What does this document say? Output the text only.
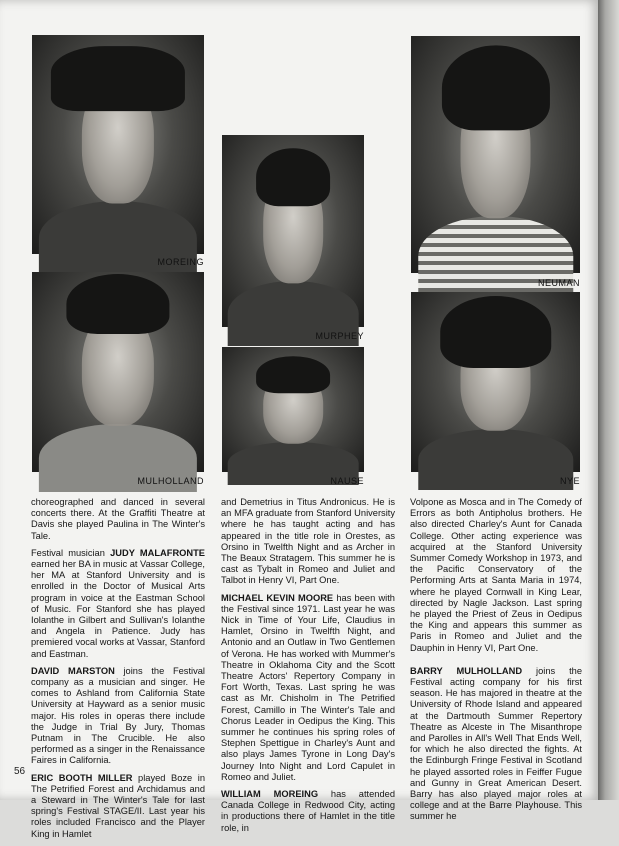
MOREING
MURPHEY
NEUMAN
MULHOLLAND	NAUSE	NYE

choreographed and danced in several concerts there. At the Graffiti Theatre at Davis she played Paulina in The Winter's Tale.

Festival musician JUDY MALAFRONTE earned her BA in music at Vassar College, her MA at Stanford University and is enrolled in the Doctor of Musical Arts program in voice at the Eastman School of Music. For Stanford she has played Iolanthe in Gilbert and Sullivan's Iolanthe and Angela in Patience. Judy has premiered vocal works at Vassar, Stanford and Eastman.

DAVID MARSTON joins the Festival company as a musician and singer. He comes to Ashland from California State University at Hayward as a senior music major. His roles in operas there include the Judge in Trial By Jury, Thomas Putnam in The Crucible. He also performed as a singer in the Renaissance Faires in California.

ERIC BOOTH MILLER played Boze in The Petrified Forest and Archidamus and a Steward in The Winter's Tale for last spring's Festival STAGE/II. Last year his roles included Francisco and the Player King in Hamlet

and Demetrius in Titus Andronicus. He is an MFA graduate from Stanford University where he has taught acting and has appeared in the title role in Orestes, as Orsino in Twelfth Night and as Archer in The Beaux Stratagem. This summer he is cast as Tybalt in Romeo and Juliet and Talbot in Henry VI, Part One.

MICHAEL KEVIN MOORE has been with the Festival since 1971. Last year he was Nick in Time of Your Life, Claudius in Hamlet, Orsino in Twelfth Night, and Antonio and an Outlaw in Two Gentlemen of Verona. He has worked with Mummer's Theatre in Oklahoma City and the Scott Theatre Actors' Repertory Company in Fort Worth, Texas. Last spring he was cast as Mr. Chisholm in The Petrified Forest, Camillo in The Winter's Tale and Chorus Leader in Oedipus the King. This summer he continues his spring roles of Stephen Spettigue in Charley's Aunt and also plays James Tyrone in Long Day's Journey Into Night and Lord Capulet in Romeo and Juliet.

WILLIAM MOREING has attended Canada College in Redwood City, acting in productions there of Hamlet in the title role, in

Volpone as Mosca and in The Comedy of Errors as both Antipholus brothers. He also directed Charley's Aunt for Canada College. Other acting experience was acquired at the Stanford University Summer Comedy Workshop in 1973, and the Pacific Conservatory of the Performing Arts at Santa Maria in 1974, where he played Cornwall in King Lear, directed by Nagle Jackson. Last spring he played the Priest of Zeus in Oedipus the King and appears this summer as Paris in Romeo and Juliet and the Dauphin in Henry VI, Part One.

BARRY MULHOLLAND joins the Festival acting company for his first season. He has majored in theatre at the University of Rhode Island and appeared at the Dartmouth Summer Repertory Theatre as Alceste in The Misanthrope and Parolles in All's Well That Ends Well, for which he also directed the fights. At the Edinburgh Fringe Festival in Scotland he played assorted roles in Feiffer Fugue and Gunny in Great American Desert. Barry has also played major roles at college and at the Barre Playhouse. This summer he

56
